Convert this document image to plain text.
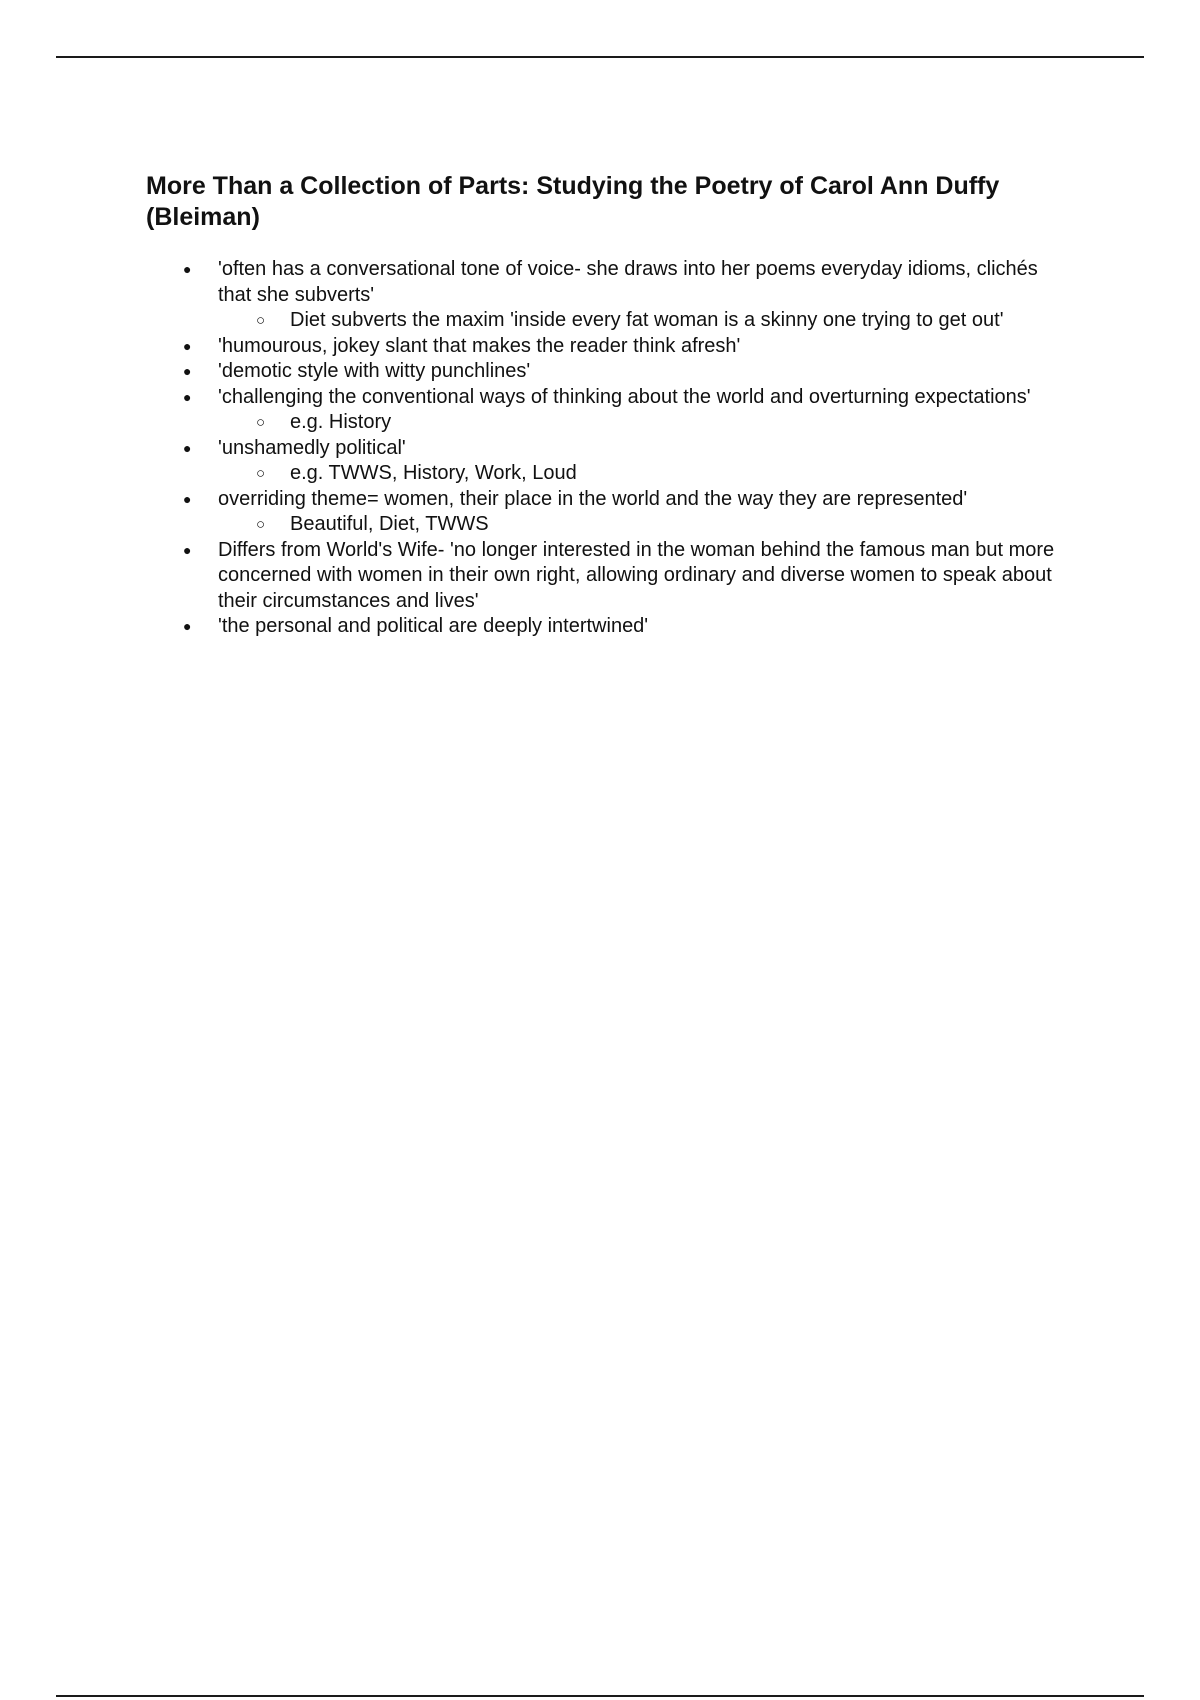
More Than a Collection of Parts: Studying the Poetry of Carol Ann Duffy (Bleiman)
●	'often has a conversational tone of voice- she draws into her poems everyday idioms, clichés that she subverts'
○	Diet subverts the maxim 'inside every fat woman is a skinny one trying to get out'
●	'humourous, jokey slant that makes the reader think afresh'
●	'demotic style with witty punchlines'
●	'challenging the conventional ways of thinking about the world and overturning expectations'
○	e.g. History
●	'unshamedly political'
○	e.g. TWWS, History, Work, Loud
●	overriding theme= women, their place in the world and the way they are represented'
○	Beautiful, Diet, TWWS
●	Differs from World's Wife- 'no longer interested in the woman behind the famous man but more concerned with women in their own right, allowing ordinary and diverse women to speak about their circumstances and lives'
●	'the personal and political are deeply intertwined'
